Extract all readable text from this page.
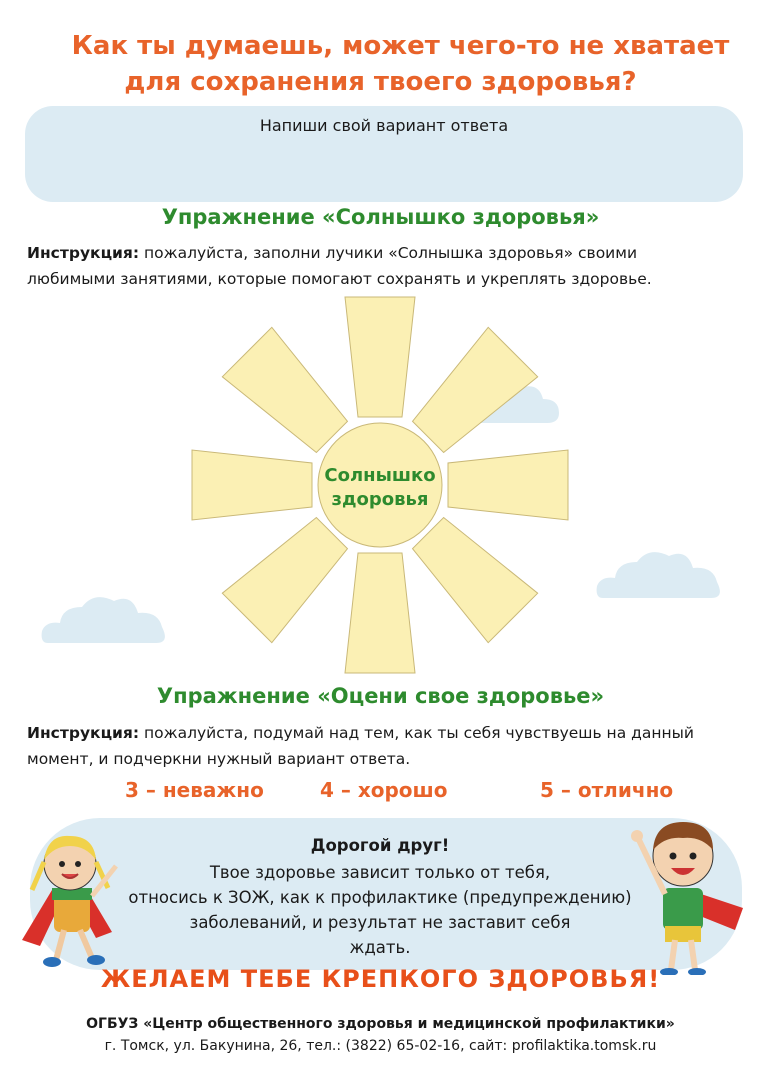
Как ты думаешь, может чего-то не хватает
для сохранения твоего здоровья?
Напиши свой вариант ответа
Упражнение «Солнышко здоровья»
Инструкция: пожалуйста, заполни лучики «Солнышка здоровья» своими
любимыми занятиями, которые помогают сохранять и укреплять здоровье.
Солнышко
здоровья
Упражнение «Оцени свое здоровье»
Инструкция: пожалуйста, подумай над тем, как ты себя чувствуешь на данный
момент, и подчеркни нужный вариант ответа.
3 – неважно	4 – хорошо	5 – отлично
Дорогой друг!
Твое здоровье зависит только от тебя,
относись к ЗОЖ, как к профилактике (предупреждению)
заболеваний, и результат не заставит себя ждать.
ЖЕЛАЕМ ТЕБЕ КРЕПКОГО ЗДОРОВЬЯ!
ОГБУЗ «Центр общественного здоровья и медицинской профилактики»
г. Томск, ул. Бакунина, 26, тел.: (3822) 65-02-16, сайт: profilaktika.tomsk.ru
